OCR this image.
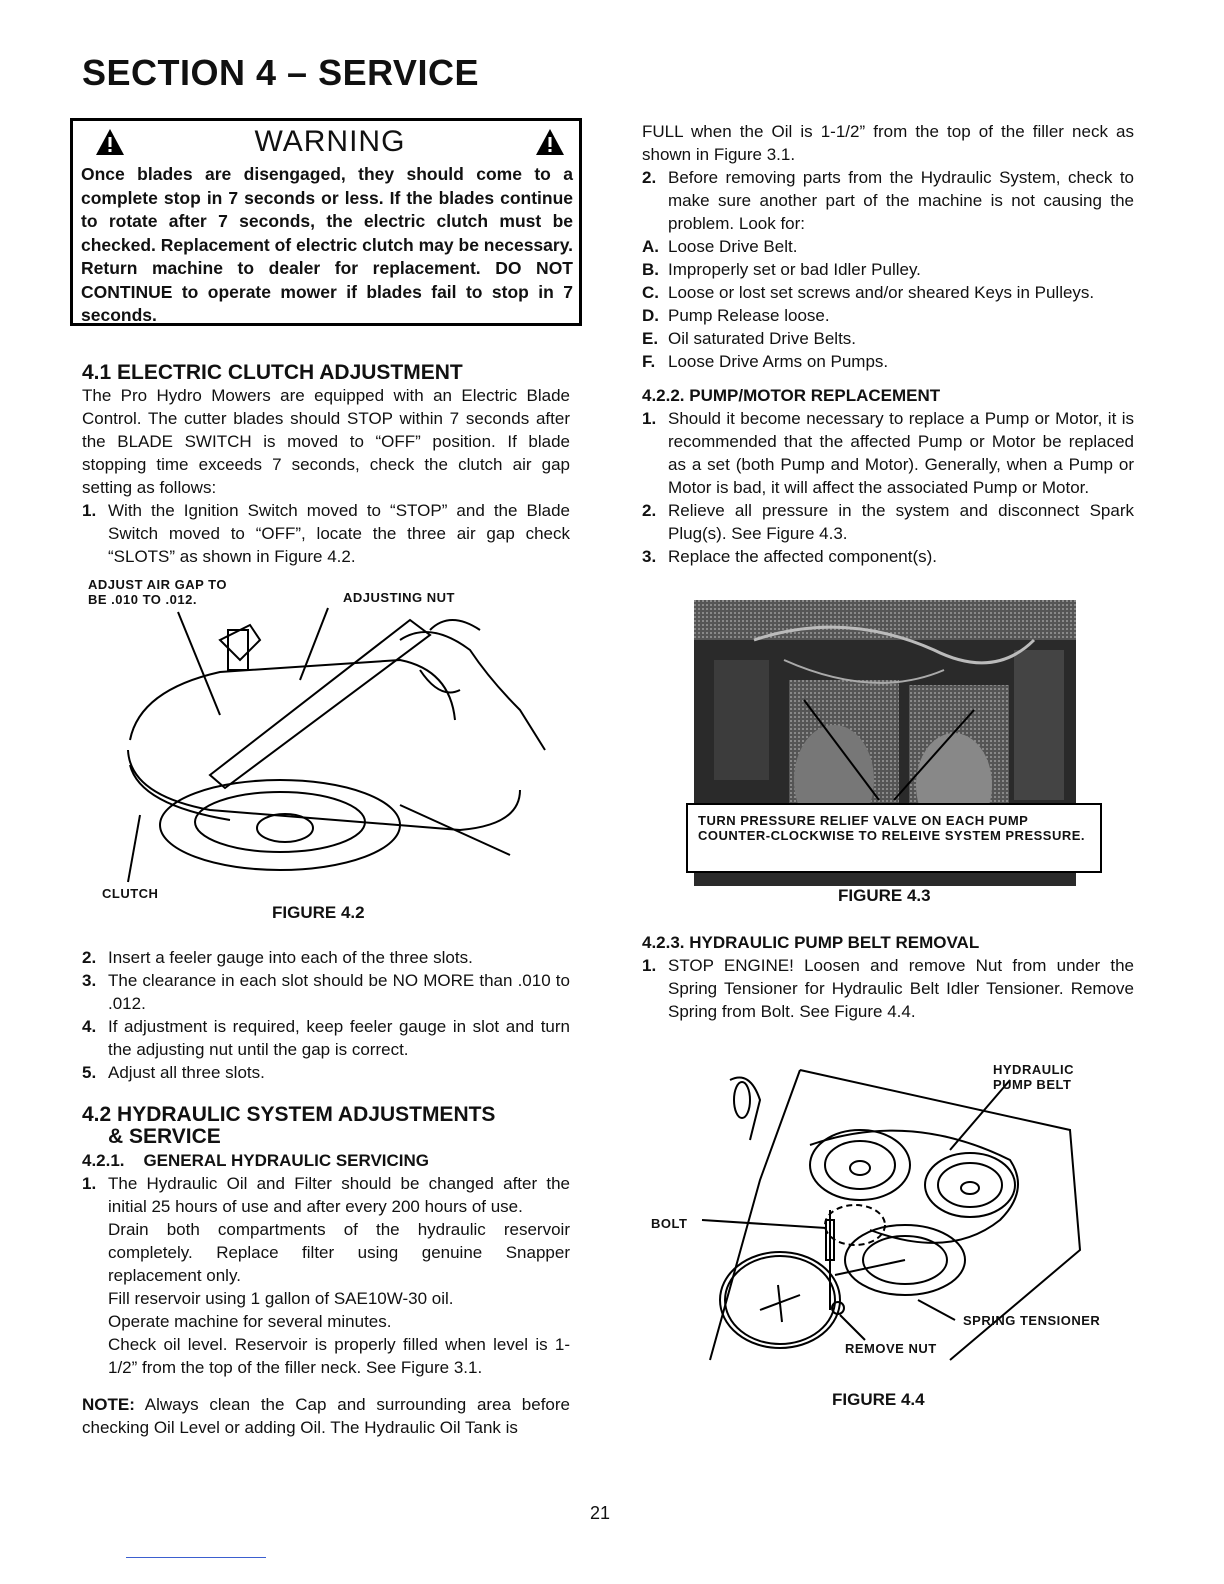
SECTION 4 – SERVICE
WARNING
Once blades are disengaged, they should come to a complete stop in 7 seconds or less. If the blades continue to rotate after 7 seconds, the electric clutch must be checked. Replacement of electric clutch may be necessary. Return machine to dealer for replacement. DO NOT CONTINUE to operate mower if blades fail to stop in 7 seconds.
4.1 ELECTRIC CLUTCH ADJUSTMENT

The Pro Hydro Mowers are equipped with an Electric Blade Control. The cutter blades should STOP within 7 seconds after the BLADE SWITCH is moved to “OFF” position. If blade stopping time exceeds 7 seconds, check the clutch air gap setting as follows:

1. With the Ignition Switch moved to “STOP” and the Blade Switch moved to “OFF”, locate the three air gap check “SLOTS” as shown in Figure 4.2.
ADJUST AIR GAP TO
BE .010 TO .012.	ADJUSTING NUT
CLUTCH
FIGURE 4.2
2. Insert a feeler gauge into each of the three slots.
3. The clearance in each slot should be NO MORE than .010 to .012.
4. If adjustment is required, keep feeler gauge in slot and turn the adjusting nut until the gap is correct.
5. Adjust all three slots.
4.2 HYDRAULIC SYSTEM ADJUSTMENTS
& SERVICE
4.2.1. GENERAL HYDRAULIC SERVICING
1. The Hydraulic Oil and Filter should be changed after the initial 25 hours of use and after every 200 hours of use.
Drain both compartments of the hydraulic reservoir completely. Replace filter using genuine Snapper replacement only.
Fill reservoir using 1 gallon of SAE10W-30 oil.
Operate machine for several minutes.
Check oil level. Reservoir is properly filled when level is 1-1/2” from the top of the filler neck. See Figure 3.1.

NOTE: Always clean the Cap and surrounding area before checking Oil Level or adding Oil. The Hydraulic Oil Tank is

FULL when the Oil is 1-1/2” from the top of the filler neck as shown in Figure 3.1.

2. Before removing parts from the Hydraulic System, check to make sure another part of the machine is not causing the problem. Look for:
A. Loose Drive Belt.
B. Improperly set or bad Idler Pulley.
C. Loose or lost set screws and/or sheared Keys in Pulleys.
D. Pump Release loose.
E. Oil saturated Drive Belts.
F. Loose Drive Arms on Pumps.
4.2.2. PUMP/MOTOR REPLACEMENT
1. Should it become necessary to replace a Pump or Motor, it is recommended that the affected Pump or Motor be replaced as a set (both Pump and Motor). Generally, when a Pump or Motor is bad, it will affect the associated Pump or Motor.
2. Relieve all pressure in the system and disconnect Spark Plug(s). See Figure 4.3.
3. Replace the affected component(s).
TURN PRESSURE RELIEF VALVE ON EACH PUMP COUNTER-CLOCKWISE TO RELEIVE SYSTEM PRESSURE.
FIGURE 4.3
4.2.3. HYDRAULIC PUMP BELT REMOVAL
1. STOP ENGINE! Loosen and remove Nut from under the Spring Tensioner for Hydraulic Belt Idler Tensioner. Remove Spring from Bolt. See Figure 4.4.
HYDRAULIC
PUMP BELT
BOLT
SPRING TENSIONER
REMOVE NUT
FIGURE 4.4
21
